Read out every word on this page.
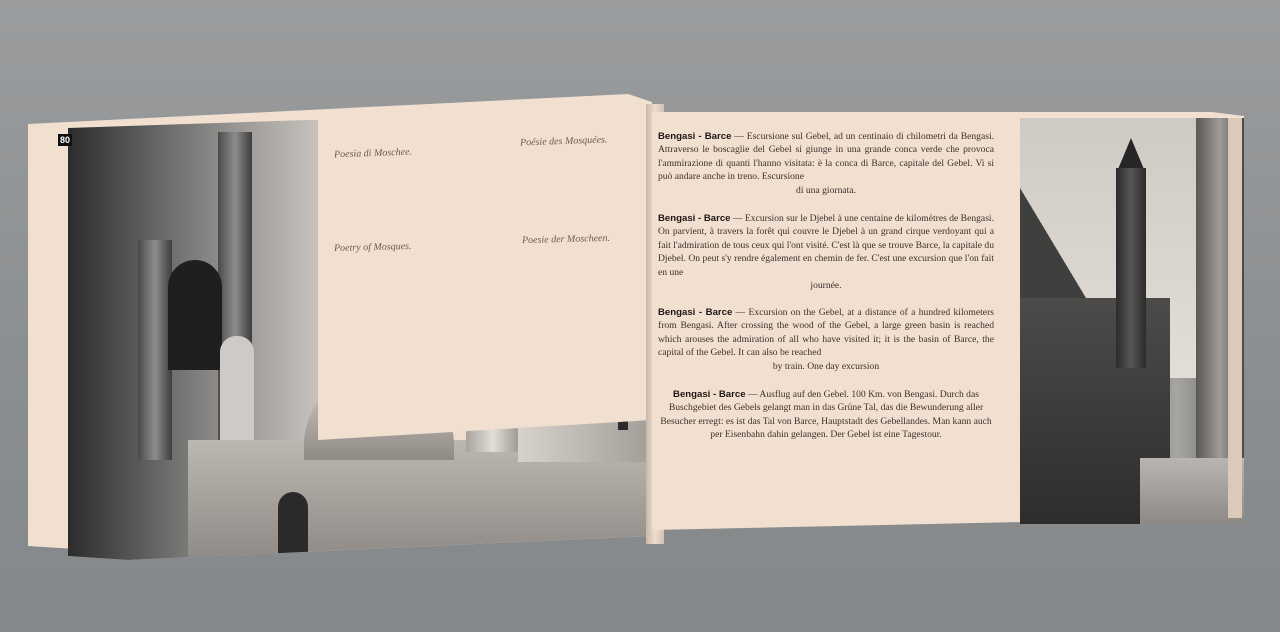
80
Poesia di Moschee.
Poésie des Mosquées.
Poetry of Mosques.
Poesie der Moscheen.

Bengasi - Barce — Escursione sul Gebel, ad un centinaio di chilometri da Bengasi. Attraverso le boscaglie del Gebel si giunge in una grande conca verde che provoca l'ammirazione di quanti l'hanno visitata: è la conca di Barce, capitale del Gebel. Vi si può andare anche in treno. Escursione
di una giornata.

Bengasi - Barce — Excursion sur le Djebel à une centaine de kilomètres de Bengasi. On parvient, à travers la forêt qui couvre le Djebel à un grand cirque verdoyant qui a fait l'admiration de tous ceux qui l'ont visité. C'est là que se trouve Barce, la capitale du Djebel. On peut s'y rendre également en chemin de fer. C'est une excursion que l'on fait en une
journée.

Bengasi - Barce — Excursion on the Gebel, at a distance of a hundred kilometers from Bengasi. After crossing the wood of the Gebel, a large green basin is reached which arouses the admiration of all who have visited it; it is the basin of Barce, the capital of the Gebel. It can also be reached
by train. One day excursion

Bengasi - Barce — Ausflug auf den Gebel. 100 Km. von Bengasi. Durch das Buschgebiet des Gebels gelangt man in das Grüne Tal, das die Bewunderung aller Besucher erregt: es ist das Tal von Barce, Hauptstadt des Gebellandes. Man kann auch per Eisenbahn dahin gelangen. Der Gebel ist eine Tagestour.
